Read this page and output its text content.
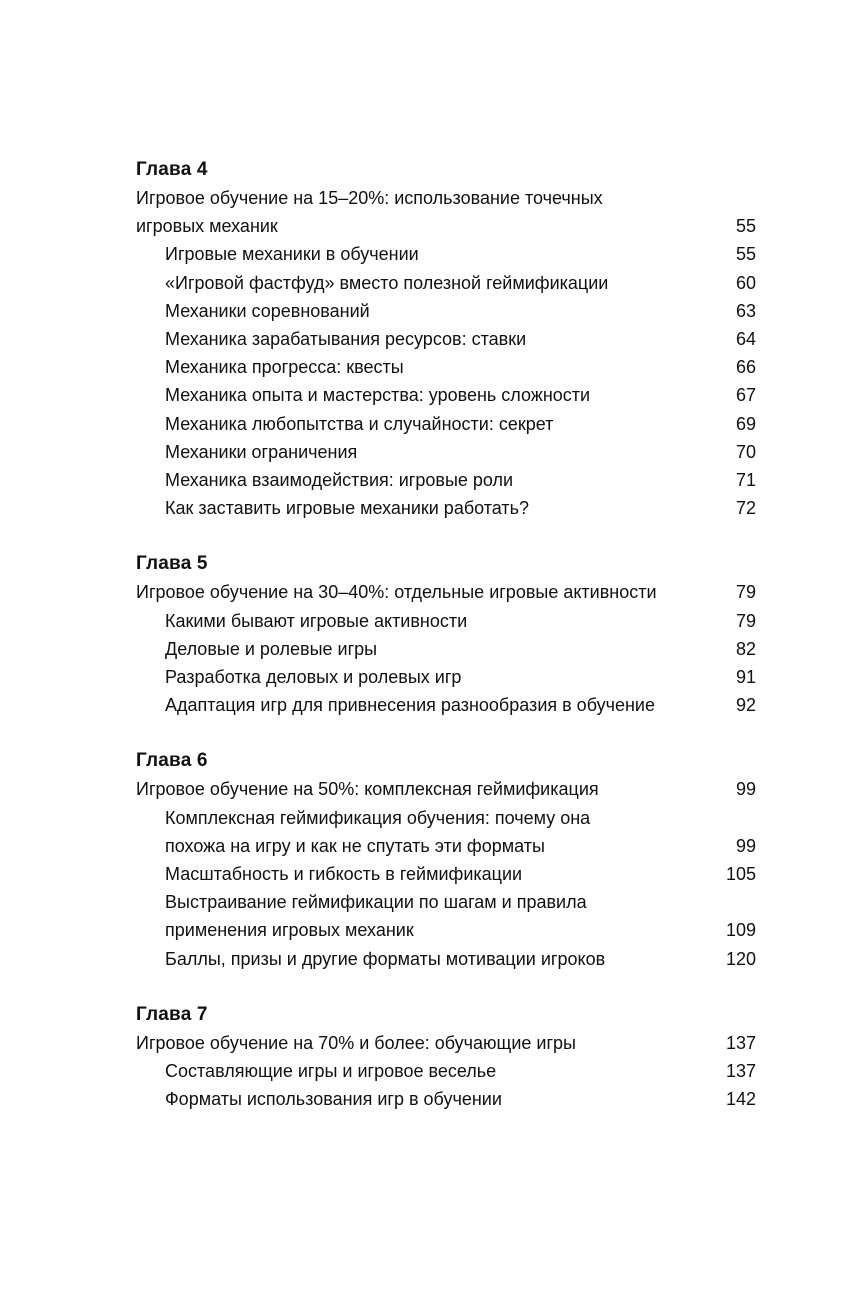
Глава 4
Игровое обучение на 15–20%: использование точечных
игровых механик	55
Игровые механики в обучении	55
«Игровой фастфуд» вместо полезной геймификации	60
Механики соревнований	63
Механика зарабатывания ресурсов: ставки	64
Механика прогресса: квесты	66
Механика опыта и мастерства: уровень сложности	67
Механика любопытства и случайности: секрет	69
Механики ограничения	70
Механика взаимодействия: игровые роли	71
Как заставить игровые механики работать?	72
Глава 5
Игровое обучение на 30–40%: отдельные игровые активности	79
Какими бывают игровые активности	79
Деловые и ролевые игры	82
Разработка деловых и ролевых игр	91
Адаптация игр для привнесения разнообразия в обучение	92
Глава 6
Игровое обучение на 50%: комплексная геймификация	99
Комплексная геймификация обучения: почему она
похожа на игру и как не спутать эти форматы	99
Масштабность и гибкость в геймификации	105
Выстраивание геймификации по шагам и правила
применения игровых механик	109
Баллы, призы и другие форматы мотивации игроков	120
Глава 7
Игровое обучение на 70% и более: обучающие игры	137
Составляющие игры и игровое веселье	137
Форматы использования игр в обучении	142
